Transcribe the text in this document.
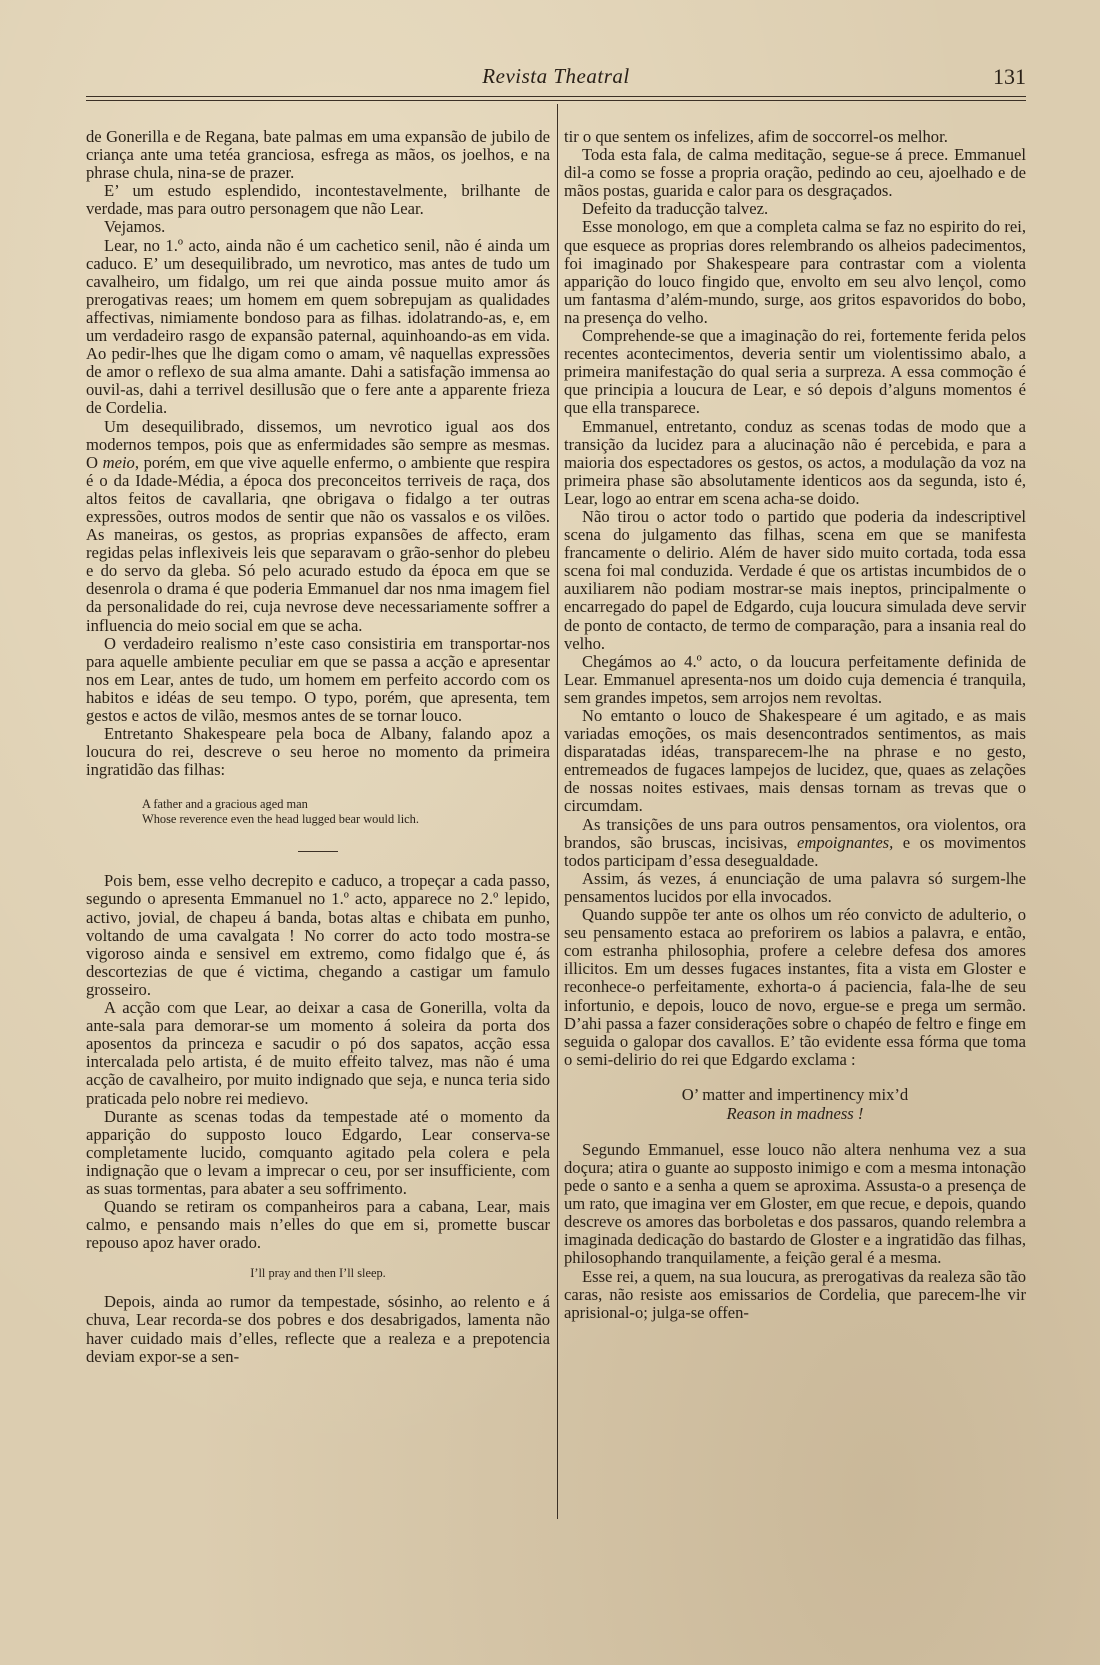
Revista Theatral	131

de Gonerilla e de Regana, bate palmas em uma expansão de jubilo de criança ante uma tetéa granciosa, esfrega as mãos, os joelhos, e na phrase chula, nina-se de prazer.

E’ um estudo esplendido, incontestavelmente, brilhante de verdade, mas para outro personagem que não Lear.

Vejamos.

Lear, no 1.º acto, ainda não é um cachetico senil, não é ainda um caduco. E’ um desequilibrado, um nevrotico, mas antes de tudo um cavalheiro, um fidalgo, um rei que ainda possue muito amor ás prerogativas reaes; um homem em quem sobrepujam as qualidades affectivas, nimiamente bondoso para as filhas. idolatrando-as, e, em um verdadeiro rasgo de expansão paternal, aquinhoando-as em vida. Ao pedir-lhes que lhe digam como o amam, vê naquellas expressões de amor o reflexo de sua alma amante. Dahi a satisfação immensa ao ouvil-as, dahi a terrivel desillusão que o fere ante a apparente frieza de Cordelia.

Um desequilibrado, dissemos, um nevrotico igual aos dos modernos tempos, pois que as enfermidades são sempre as mesmas. O meio, porém, em que vive aquelle enfermo, o ambiente que respira é o da Idade-Média, a época dos preconceitos terriveis de raça, dos altos feitos de cavallaria, qne obrigava o fidalgo a ter outras expressões, outros modos de sentir que não os vassalos e os vilões. As maneiras, os gestos, as proprias expansões de affecto, eram regidas pelas inflexiveis leis que separavam o grão-senhor do plebeu e do servo da gleba. Só pelo acurado estudo da época em que se desenrola o drama é que poderia Emmanuel dar nos nma imagem fiel da personalidade do rei, cuja nevrose deve necessariamente soffrer a influencia do meio social em que se acha.

O verdadeiro realismo n’este caso consistiria em transportar-nos para aquelle ambiente peculiar em que se passa a acção e apresentar nos em Lear, antes de tudo, um homem em perfeito accordo com os habitos e idéas de seu tempo. O typo, porém, que apresenta, tem gestos e actos de vilão, mesmos antes de se tornar louco.

Entretanto Shakespeare pela boca de Albany, falando apoz a loucura do rei, descreve o seu heroe no momento da primeira ingratidão das filhas:

A father and a gracious aged man
Whose reverence even the head lugged bear would lich.

Pois bem, esse velho decrepito e caduco, a tropeçar a cada passo, segundo o apresenta Emmanuel no 1.º acto, apparece no 2.º lepido, activo, jovial, de chapeu á banda, botas altas e chibata em punho, voltando de uma cavalgata ! No correr do acto todo mostra-se vigoroso ainda e sensivel em extremo, como fidalgo que é, ás descortezias de que é victima, chegando a castigar um famulo grosseiro.

A acção com que Lear, ao deixar a casa de Gonerilla, volta da ante-sala para demorar-se um momento á soleira da porta dos aposentos da princeza e sacudir o pó dos sapatos, acção essa intercalada pelo artista, é de muito effeito talvez, mas não é uma acção de cavalheiro, por muito indignado que seja, e nunca teria sido praticada pelo nobre rei medievo.

Durante as scenas todas da tempestade até o momento da apparição do supposto louco Edgardo, Lear conserva-se completamente lucido, comquanto agitado pela colera e pela indignação que o levam a imprecar o ceu, por ser insufficiente, com as suas tormentas, para abater a seu soffrimento.

Quando se retiram os companheiros para a cabana, Lear, mais calmo, e pensando mais n’elles do que em si, promette buscar repouso apoz haver orado.

I’ll pray and then I’ll sleep.

Depois, ainda ao rumor da tempestade, sósinho, ao relento e á chuva, Lear recorda-se dos pobres e dos desabrigados, lamenta não haver cuidado mais d’elles, reflecte que a realeza e a prepotencia deviam expor-se a sen-

tir o que sentem os infelizes, afim de soccorrel-os melhor.

Toda esta fala, de calma meditação, segue-se á prece. Emmanuel dil-a como se fosse a propria oração, pedindo ao ceu, ajoelhado e de mãos postas, guarida e calor para os desgraçados.

Defeito da traducção talvez.

Esse monologo, em que a completa calma se faz no espirito do rei, que esquece as proprias dores relembrando os alheios padecimentos, foi imaginado por Shakespeare para contrastar com a violenta apparição do louco fingido que, envolto em seu alvo lençol, como um fantasma d’além-mundo, surge, aos gritos espavoridos do bobo, na presença do velho.

Comprehende-se que a imaginação do rei, fortemente ferida pelos recentes acontecimentos, deveria sentir um violentissimo abalo, a primeira manifestação do qual seria a surpreza. A essa commoção é que principia a loucura de Lear, e só depois d’alguns momentos é que ella transparece.

Emmanuel, entretanto, conduz as scenas todas de modo que a transição da lucidez para a alucinação não é percebida, e para a maioria dos espectadores os gestos, os actos, a modulação da voz na primeira phase são absolutamente identicos aos da segunda, isto é, Lear, logo ao entrar em scena acha-se doido.

Não tirou o actor todo o partido que poderia da indescriptivel scena do julgamento das filhas, scena em que se manifesta francamente o delirio. Além de haver sido muito cortada, toda essa scena foi mal conduzida. Verdade é que os artistas incumbidos de o auxiliarem não podiam mostrar-se mais ineptos, principalmente o encarregado do papel de Edgardo, cuja loucura simulada deve servir de ponto de contacto, de termo de comparação, para a insania real do velho.

Chegámos ao 4.º acto, o da loucura perfeitamente definida de Lear. Emmanuel apresenta-nos um doido cuja demencia é tranquila, sem grandes impetos, sem arrojos nem revoltas.

No emtanto o louco de Shakespeare é um agitado, e as mais variadas emoções, os mais desencontrados sentimentos, as mais disparatadas idéas, transparecem-lhe na phrase e no gesto, entremeados de fugaces lampejos de lucidez, que, quaes as zelações de nossas noites estivaes, mais densas tornam as trevas que o circumdam.

As transições de uns para outros pensamentos, ora violentos, ora brandos, são bruscas, incisivas, empoignantes, e os movimentos todos participam d’essa desegualdade.

Assim, ás vezes, á enunciação de uma palavra só surgem-lhe pensamentos lucidos por ella invocados.

Quando suppõe ter ante os olhos um réo convicto de adulterio, o seu pensamento estaca ao preforirem os labios a palavra, e então, com estranha philosophia, profere a celebre defesa dos amores illicitos. Em um desses fugaces instantes, fita a vista em Gloster e reconhece-o perfeitamente, exhorta-o á paciencia, fala-lhe de seu infortunio, e depois, louco de novo, ergue-se e prega um sermão. D’ahi passa a fazer considerações sobre o chapéo de feltro e finge em seguida o galopar dos cavallos. E’ tão evidente essa fórma que toma o semi-delirio do rei que Edgardo exclama :

O’ matter and impertinency mix’d
Reason in madness !

Segundo Emmanuel, esse louco não altera nenhuma vez a sua doçura; atira o guante ao supposto inimigo e com a mesma intonação pede o santo e a senha a quem se aproxima. Assusta-o a presença de um rato, que imagina ver em Gloster, em que recue, e depois, quando descreve os amores das borboletas e dos passaros, quando relembra a imaginada dedicação do bastardo de Gloster e a ingratidão das filhas, philosophando tranquilamente, a feição geral é a mesma.

Esse rei, a quem, na sua loucura, as prerogativas da realeza são tão caras, não resiste aos emissarios de Cordelia, que parecem-lhe vir aprisional-o; julga-se offen-
